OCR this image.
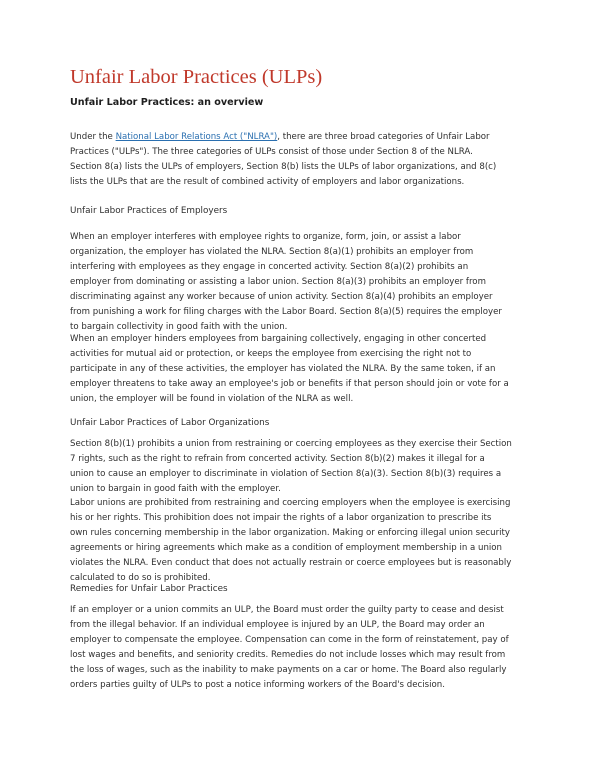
Unfair Labor Practices (ULPs)
Unfair Labor Practices: an overview
Under the National Labor Relations Act ("NLRA"), there are three broad categories of Unfair Labor
Practices ("ULPs"). The three categories of ULPs consist of those under Section 8 of the NLRA.
Section 8(a) lists the ULPs of employers, Section 8(b) lists the ULPs of labor organizations, and 8(c)
lists the ULPs that are the result of combined activity of employers and labor organizations.
Unfair Labor Practices of Employers
When an employer interferes with employee rights to organize, form, join, or assist a labor
organization, the employer has violated the NLRA. Section 8(a)(1) prohibits an employer from
interfering with employees as they engage in concerted activity. Section 8(a)(2) prohibits an
employer from dominating or assisting a labor union. Section 8(a)(3) prohibits an employer from
discriminating against any worker because of union activity. Section 8(a)(4) prohibits an employer
from punishing a work for filing charges with the Labor Board. Section 8(a)(5) requires the employer
to bargain collectivity in good faith with the union.
When an employer hinders employees from bargaining collectively, engaging in other concerted
activities for mutual aid or protection, or keeps the employee from exercising the right not to
participate in any of these activities, the employer has violated the NLRA. By the same token, if an
employer threatens to take away an employee's job or benefits if that person should join or vote for a
union, the employer will be found in violation of the NLRA as well.
Unfair Labor Practices of Labor Organizations
Section 8(b)(1) prohibits a union from restraining or coercing employees as they exercise their Section
7 rights, such as the right to refrain from concerted activity. Section 8(b)(2) makes it illegal for a
union to cause an employer to discriminate in violation of Section 8(a)(3). Section 8(b)(3) requires a
union to bargain in good faith with the employer.
Labor unions are prohibited from restraining and coercing employers when the employee is exercising
his or her rights. This prohibition does not impair the rights of a labor organization to prescribe its
own rules concerning membership in the labor organization. Making or enforcing illegal union security
agreements or hiring agreements which make as a condition of employment membership in a union
violates the NLRA. Even conduct that does not actually restrain or coerce employees but is reasonably
calculated to do so is prohibited.
Remedies for Unfair Labor Practices
If an employer or a union commits an ULP, the Board must order the guilty party to cease and desist
from the illegal behavior. If an individual employee is injured by an ULP, the Board may order an
employer to compensate the employee. Compensation can come in the form of reinstatement, pay of
lost wages and benefits, and seniority credits. Remedies do not include losses which may result from
the loss of wages, such as the inability to make payments on a car or home. The Board also regularly
orders parties guilty of ULPs to post a notice informing workers of the Board's decision.
